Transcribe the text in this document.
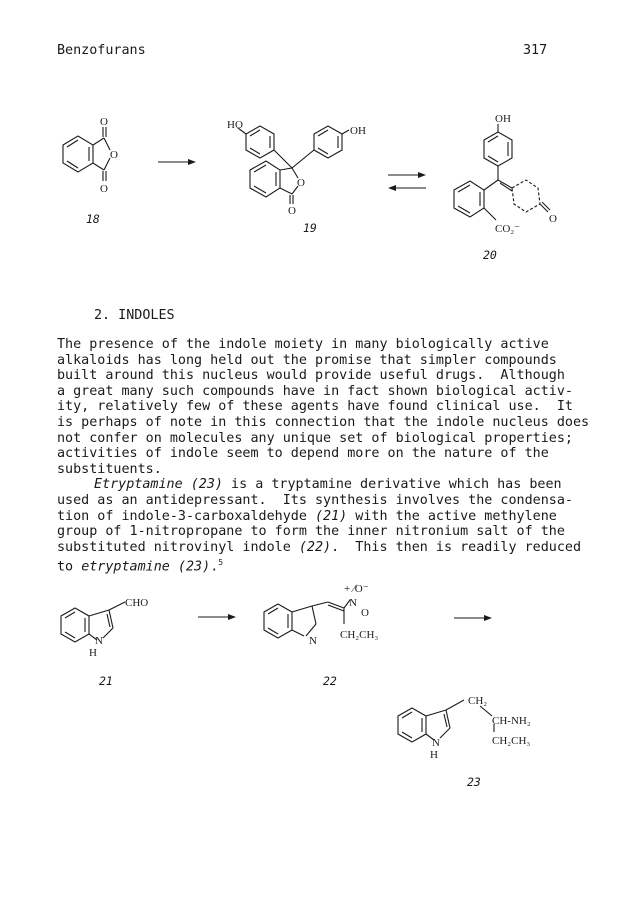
Benzofurans	317
O
O
O
18
HO	OH
O
O
19
OH
CO₂⁻
O
20
2. INDOLES

The presence of the indole moiety in many biologically active

alkaloids has long held out the promise that simpler compounds

built around this nucleus would provide useful drugs.  Although

a great many such compounds have in fact shown biological activ-

ity, relatively few of these agents have found clinical use.  It

is perhaps of note in this connection that the indole nucleus does

not confer on molecules any unique set of biological properties;

activities of indole seem to depend more on the nature of the

substituents.

Etryptamine (23) is a tryptamine derivative which has been

used as an antidepressant.  Its synthesis involves the condensa-

tion of indole-3-carboxaldehyde (21) with the active methylene

group of 1-nitropropane to form the inner nitronium salt of the

substituted nitrovinyl indole (22).  This then is readily reduced

to etryptamine (23).$^5$

CHO
N
H
21
+ ∕O⁻
N
O
N CH₂CH₃
22
CH₂
CH-NH₂
CH₂CH₃
N
H
23
